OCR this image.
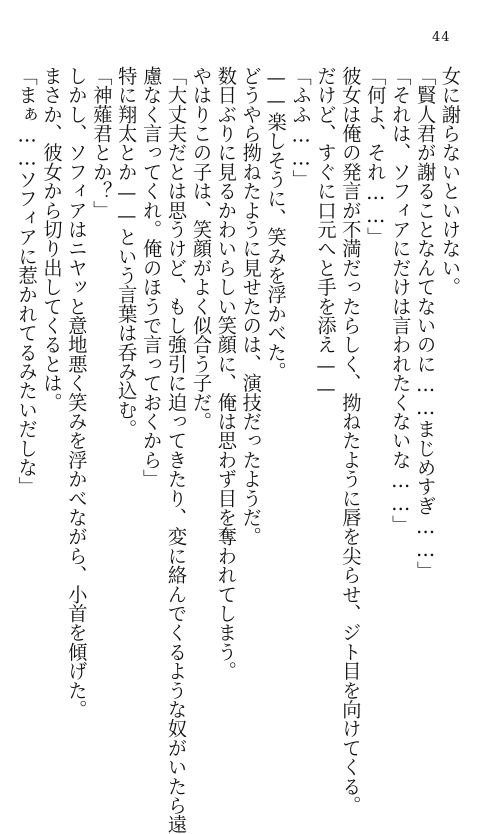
44

女に謝らないといけない。

「賢人君が謝ることなんてないのに……まじめすぎ……」

「それは、ソフィアにだけは言われたくないな……」

「何よ、それ……」

彼女は俺の発言が不満だったらしく、拗ねたように唇を尖らせ、ジト目を向けてくる。

だけど、すぐに口元へと手を添え——

「ふふ……」

——楽しそうに、笑みを浮かべた。

どうやら拗ねたように見せたのは、演技だったようだ。

数日ぶりに見るかわいらしい笑顔に、俺は思わず目を奪われてしまう。

やはりこの子は、笑顔がよく似合う子だ。

「大丈夫だとは思うけど、もし強引に迫ってきたり、変に絡んでくるような奴がいたら遠

慮なく言ってくれ。俺のほうで言っておくから」

特に翔太とか——という言葉は呑み込む。

「神薙君とか？」

しかし、ソフィアはニヤッと意地悪く笑みを浮かべながら、小首を傾げた。

まさか、彼女から切り出してくるとは。

「まぁ……ソフィアに惹かれてるみたいだしな」
